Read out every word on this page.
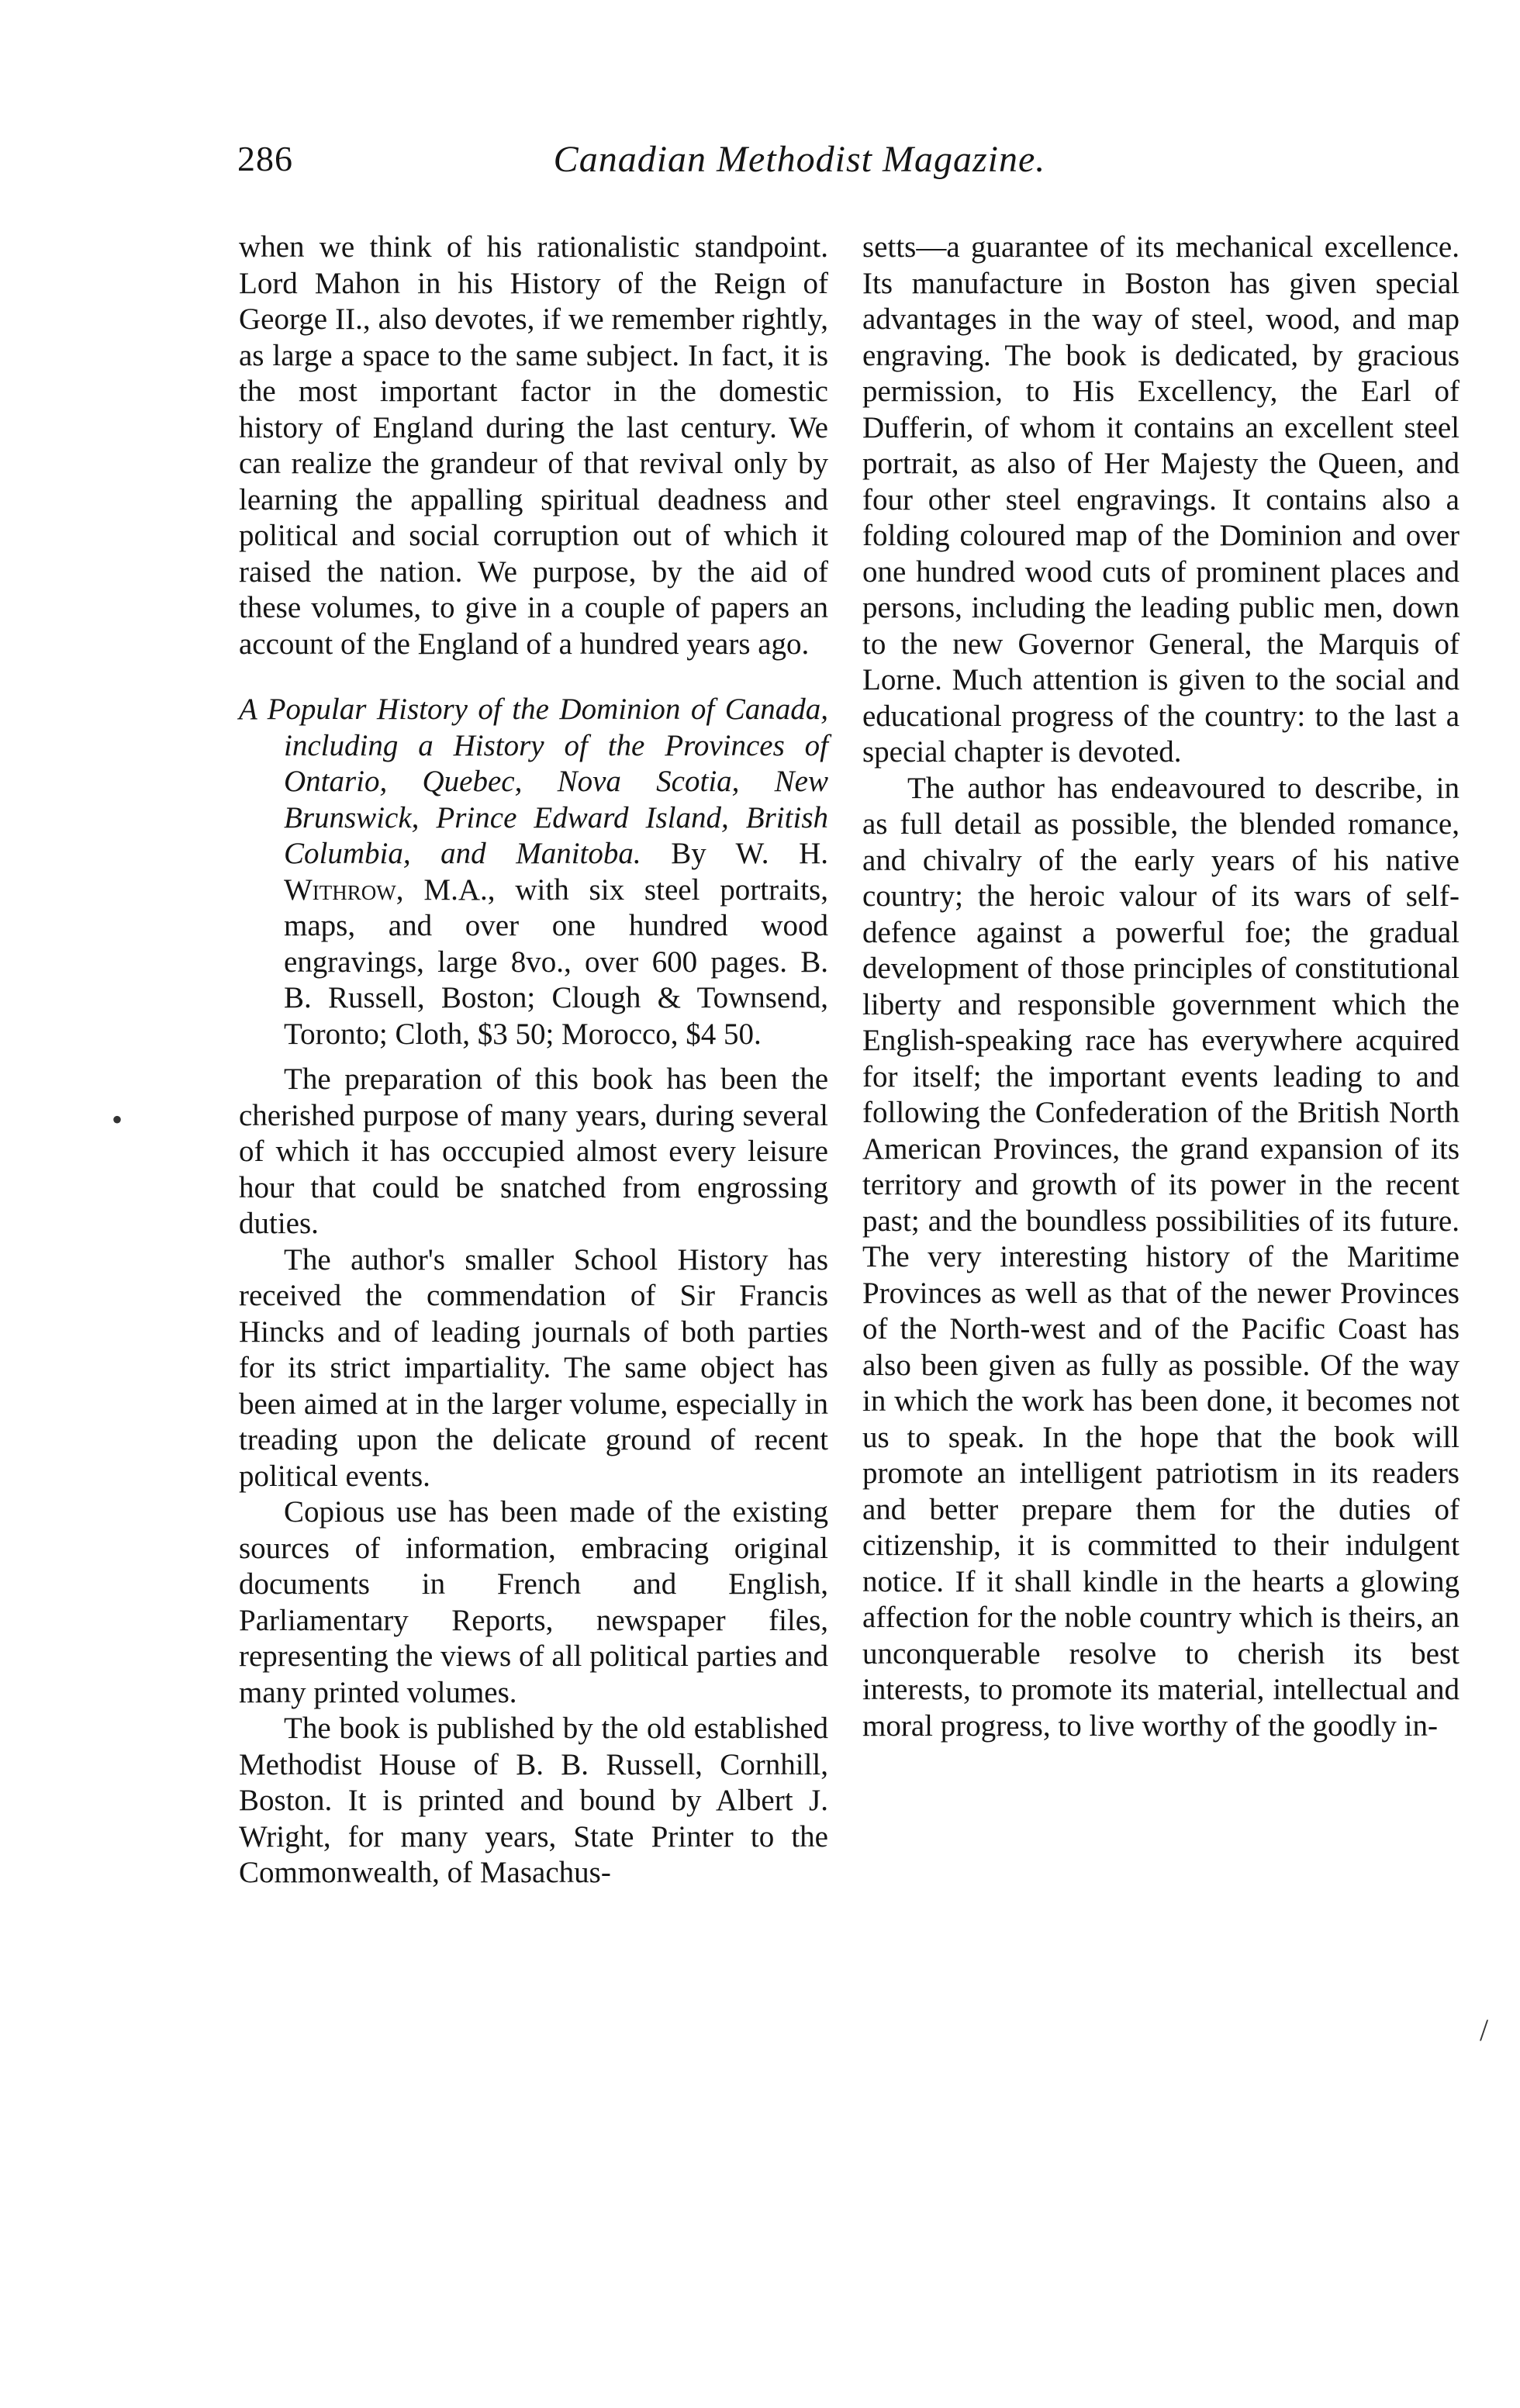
286	Canadian Methodist Magazine.

when we think of his rationalistic standpoint. Lord Mahon in his History of the Reign of George II., also devotes, if we remember rightly, as large a space to the same subject. In fact, it is the most important factor in the domestic history of England during the last century. We can realize the grandeur of that revival only by learning the appalling spiritual deadness and political and social corruption out of which it raised the nation. We purpose, by the aid of these volumes, to give in a couple of papers an account of the England of a hundred years ago.

A Popular History of the Dominion of Canada, including a History of the Provinces of Ontario, Quebec, Nova Scotia, New Brunswick, Prince Edward Island, British Columbia, and Manitoba. By W. H. Withrow, M.A., with six steel portraits, maps, and over one hundred wood engravings, large 8vo., over 600 pages. B. B. Russell, Boston; Clough & Townsend, Toronto; Cloth, $3 50; Morocco, $4 50.

The preparation of this book has been the cherished purpose of many years, during several of which it has occcupied almost every leisure hour that could be snatched from engrossing duties.

The author's smaller School History has received the commendation of Sir Francis Hincks and of leading journals of both parties for its strict impartiality. The same object has been aimed at in the larger volume, especially in treading upon the delicate ground of recent political events.

Copious use has been made of the existing sources of information, embracing original documents in French and English, Parliamentary Reports, newspaper files, representing the views of all political parties and many printed volumes.

The book is published by the old established Methodist House of B. B. Russell, Cornhill, Boston. It is printed and bound by Albert J. Wright, for many years, State Printer to the Commonwealth, of Masachus-

setts—a guarantee of its mechanical excellence. Its manufacture in Boston has given special advantages in the way of steel, wood, and map engraving. The book is dedicated, by gracious permission, to His Excellency, the Earl of Dufferin, of whom it contains an excellent steel portrait, as also of Her Majesty the Queen, and four other steel engravings. It contains also a folding coloured map of the Dominion and over one hundred wood cuts of prominent places and persons, including the leading public men, down to the new Governor General, the Marquis of Lorne. Much attention is given to the social and educational progress of the country: to the last a special chapter is devoted.

The author has endeavoured to describe, in as full detail as possible, the blended romance, and chivalry of the early years of his native country; the heroic valour of its wars of self-defence against a powerful foe; the gradual development of those principles of constitutional liberty and responsible government which the English-speaking race has everywhere acquired for itself; the important events leading to and following the Confederation of the British North American Provinces, the grand expansion of its territory and growth of its power in the recent past; and the boundless possibilities of its future. The very interesting history of the Maritime Provinces as well as that of the newer Provinces of the North-west and of the Pacific Coast has also been given as fully as possible. Of the way in which the work has been done, it becomes not us to speak. In the hope that the book will promote an intelligent patriotism in its readers and better prepare them for the duties of citizenship, it is committed to their indulgent notice. If it shall kindle in the hearts a glowing affection for the noble country which is theirs, an unconquerable resolve to cherish its best interests, to promote its material, intellectual and moral progress, to live worthy of the goodly in-

•
/
